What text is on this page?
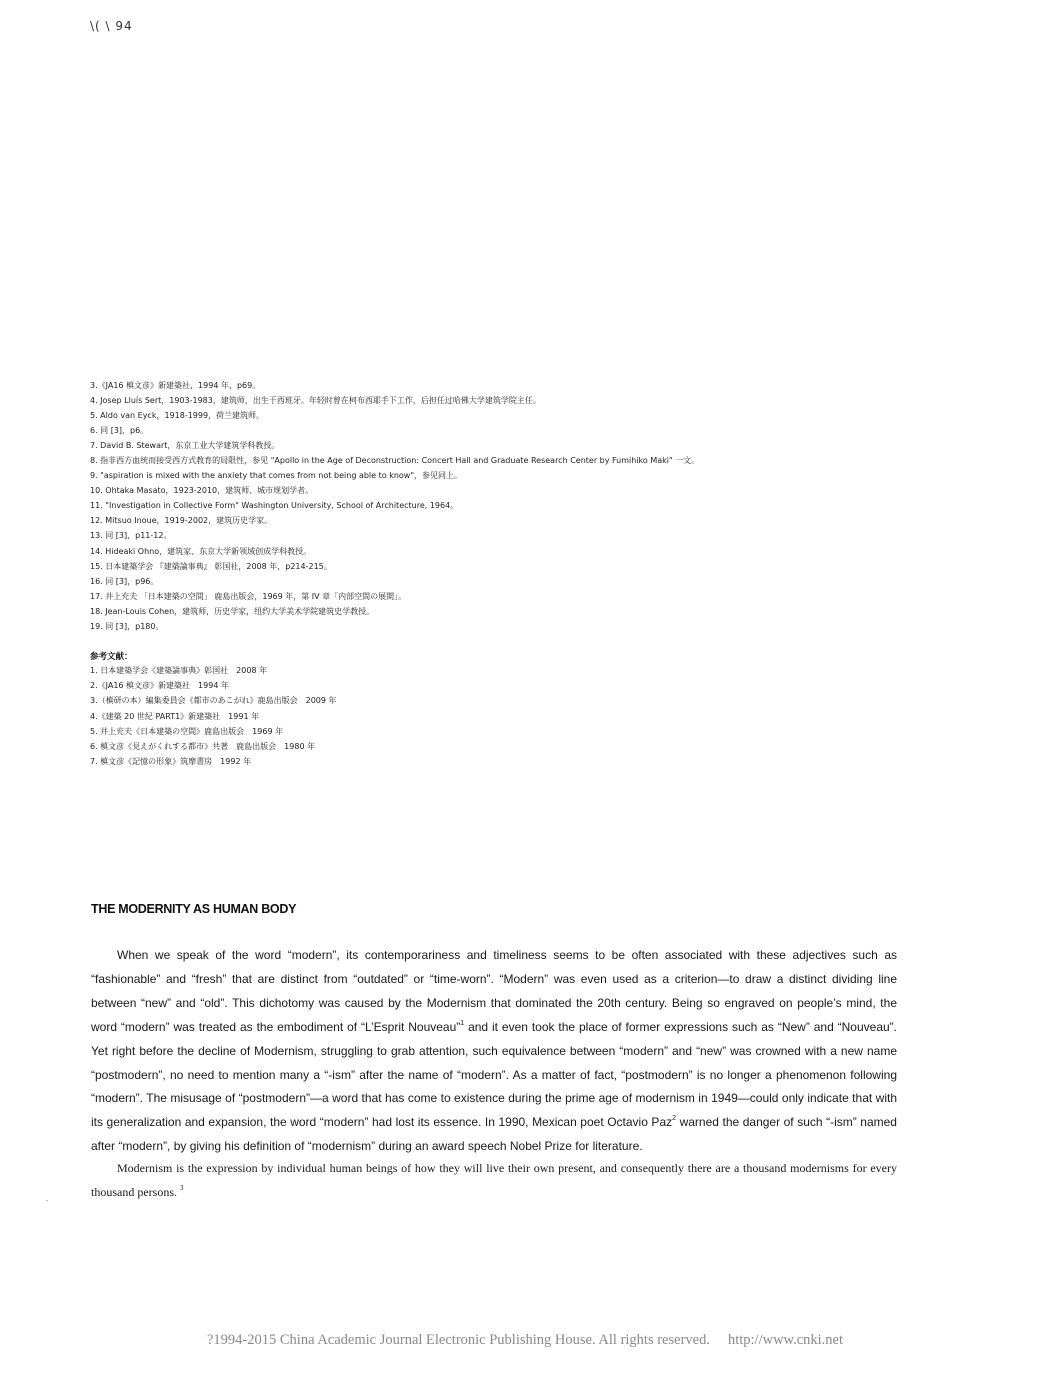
\( \ 94
3.《JA16 槙文彦》新建築社，1994 年，p69。
4. Josep Lluís Sert，1903-1983，建筑师，出生于西班牙。年轻时曾在柯布西耶手下工作，后担任过哈佛大学建筑学院主任。
5. Aldo van Eyck，1918-1999，荷兰建筑师。
6. 同 [3]，p6。
7. David B. Stewart，东京工业大学建筑学科教授。
8. 指非西方血统而接受西方式教育的局限性，参见 "Apollo in the Age of Deconstruction: Concert Hall and Graduate Research Center by Fumihiko Maki" 一文。
9. "aspiration is mixed with the anxiety that comes from not being able to know"，参见同上。
10. Ohtaka Masato，1923-2010，建筑师、城市规划学者。
11. "Investigation in Collective Form" Washington University, School of Architecture, 1964。
12. Mitsuo Inoue，1919-2002，建筑历史学家。
13. 同 [3]，p11-12。
14. Hideaki Ohno，建筑家、东京大学新领域创成学科教授。
15. 日本建築学会 『建築論事典』 彰国社，2008 年，p214-215。
16. 同 [3]，p96。
17. 井上充夫 「日本建築の空間」 鹿島出版会，1969 年，第 IV 章「内部空間の展開」。
18. Jean-Louis Cohen，建筑师，历史学家，纽约大学美术学院建筑史学教授。
19. 同 [3]，p180。
参考文献：
1. 日本建築学会《建築論事典》彰国社　2008 年
2.《JA16 槙文彦》新建築社　1994 年
3.（槙研の本）編集委員会《都市のあこがれ》鹿島出版会　2009 年
4.《建築 20 世紀 PART1》新建築社　1991 年
5. 井上充夫《日本建築の空間》鹿島出版会　1969 年
6. 槙文彦《見えがくれする都市》共著　鹿島出版会　1980 年
7. 槙文彦《記憶の形象》筑摩書房　1992 年
THE MODERNITY AS HUMAN BODY

When we speak of the word “modern”, its contemporariness and timeliness seems to be often associated with these adjectives such as “fashionable” and “fresh” that are distinct from “outdated” or “time-worn”. “Modern” was even used as a criterion—to draw a distinct dividing line between “new” and “old”. This dichotomy was caused by the Modernism that dominated the 20th century. Being so engraved on people’s mind, the word “modern” was treated as the embodiment of “L’Esprit Nouveau”$^1$ and it even took the place of former expressions such as “New” and “Nouveau”. Yet right before the decline of Modernism, struggling to grab attention, such equivalence between “modern” and “new” was crowned with a new name “postmodern”, no need to mention many a “-ism” after the name of “modern”. As a matter of fact, “postmodern” is no longer a phenomenon following “modern”. The misusage of “postmodern”—a word that has come to existence during the prime age of modernism in 1949—could only indicate that with its generalization and expansion, the word “modern” had lost its essence. In 1990, Mexican poet Octavio Paz$^2$ warned the danger of such “-ism” named after “modern”, by giving his definition of “modernism” during an award speech Nobel Prize for literature.

Modernism is the expression by individual human beings of how they will live their own present, and consequently there are a thousand modernisms for every thousand persons. $^3$

?1994-2015 China Academic Journal Electronic Publishing House. All rights reserved. http://www.cnki.net
